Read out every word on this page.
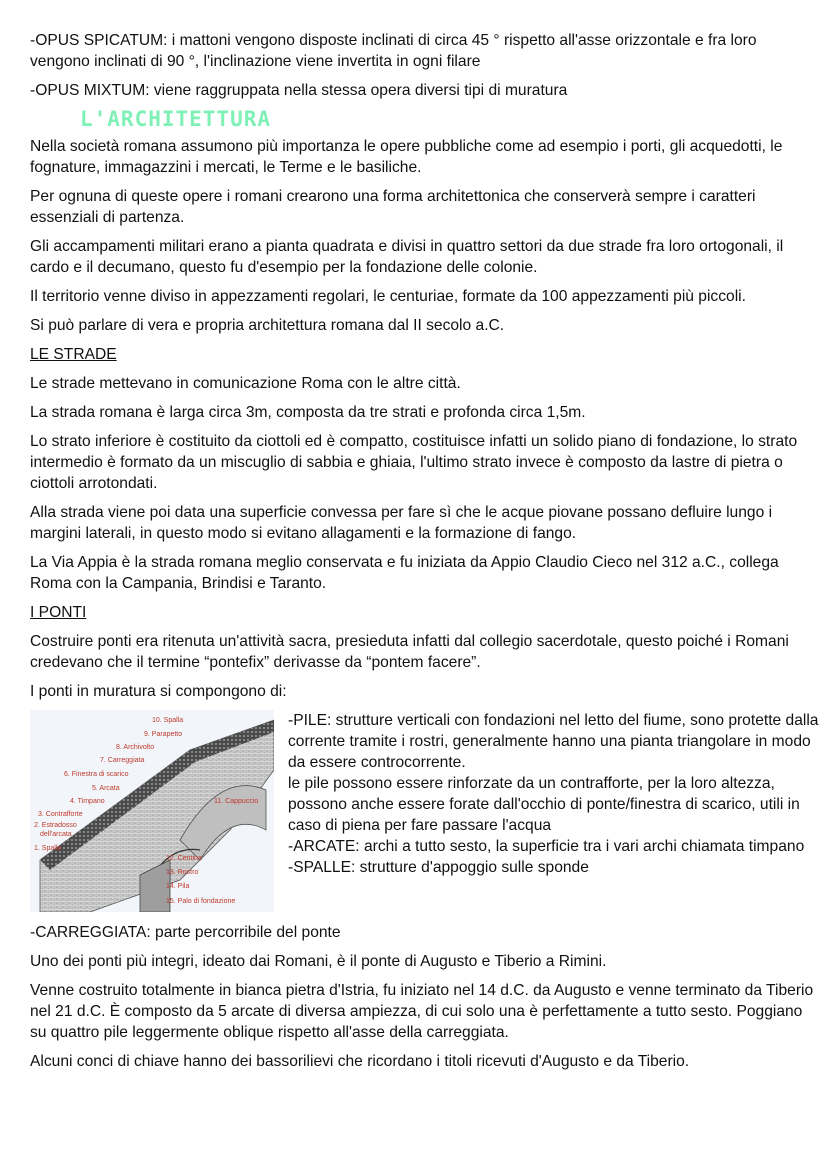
-OPUS SPICATUM: i mattoni vengono disposte inclinati di circa 45 ° rispetto all'asse orizzontale e fra loro vengono inclinati di 90 °, l'inclinazione viene invertita in ogni filare

-OPUS MIXTUM: viene raggruppata nella stessa opera diversi tipi di muratura

L'ARCHITETTURA

Nella società romana assumono più importanza le opere pubbliche come ad esempio i porti, gli acquedotti, le fognature, immagazzini i mercati, le Terme e le basiliche.

Per ognuna di queste opere i romani crearono una forma architettonica che conserverà sempre i caratteri essenziali di partenza.

Gli accampamenti militari erano a pianta quadrata e divisi in quattro settori da due strade fra loro ortogonali, il cardo e il decumano, questo fu d'esempio per la fondazione delle colonie.

Il territorio venne diviso in appezzamenti regolari, le centuriae, formate da 100 appezzamenti più piccoli.

Si può parlare di vera e propria architettura romana dal II secolo a.C.

LE STRADE

Le strade mettevano in comunicazione Roma con le altre città.

La strada romana è larga circa 3m, composta da tre strati e profonda circa 1,5m.

Lo strato inferiore è costituito da ciottoli ed è compatto, costituisce infatti un solido piano di fondazione, lo strato intermedio è formato da un miscuglio di sabbia e ghiaia, l'ultimo strato invece è composto da lastre di pietra o ciottoli arrotondati.

Alla strada viene poi data una superficie convessa per fare sì che le acque piovane possano defluire lungo i margini laterali, in questo modo si evitano allagamenti e la formazione di fango.

La Via Appia è la strada romana meglio conservata e fu iniziata da Appio Claudio Cieco nel 312 a.C., collega Roma con la Campania, Brindisi e Taranto.

I PONTI

Costruire ponti era ritenuta un'attività sacra, presieduta infatti dal collegio sacerdotale, questo poiché i Romani credevano che il termine “pontefix” derivasse da “pontem facere”.

I ponti in muratura si compongono di:

10. Spalla
9. Parapetto
8. Archivolto
7. Carreggiata
6. Finestra di scarico
5. Arcata
4. Timpano	11. Cappuccio
3. Contrafforte
2. Estradosso
dell'arcata
1. Spalla
12. Centina
13. Rostro
14. Pila
15. Palo di fondazione

-PILE: strutture verticali con fondazioni nel letto del fiume, sono protette dalla corrente tramite i rostri, generalmente hanno una pianta triangolare in modo da essere controcorrente.

le pile possono essere rinforzate da un contrafforte, per la loro altezza, possono anche essere forate dall'occhio di ponte/finestra di scarico, utili in caso di piena per fare passare l'acqua

-ARCATE: archi a tutto sesto, la superficie tra i vari archi chiamata timpano

-SPALLE: strutture d'appoggio sulle sponde

-CARREGGIATA: parte percorribile del ponte

Uno dei ponti più integri, ideato dai Romani, è il ponte di Augusto e Tiberio a Rimini.

Venne costruito totalmente in bianca pietra d'Istria, fu iniziato nel 14 d.C. da Augusto e venne terminato da Tiberio nel 21 d.C. È composto da 5 arcate di diversa ampiezza, di cui solo una è perfettamente a tutto sesto. Poggiano su quattro pile leggermente oblique rispetto all'asse della carreggiata.

Alcuni conci di chiave hanno dei bassorilievi che ricordano i titoli ricevuti d'Augusto e da Tiberio.
